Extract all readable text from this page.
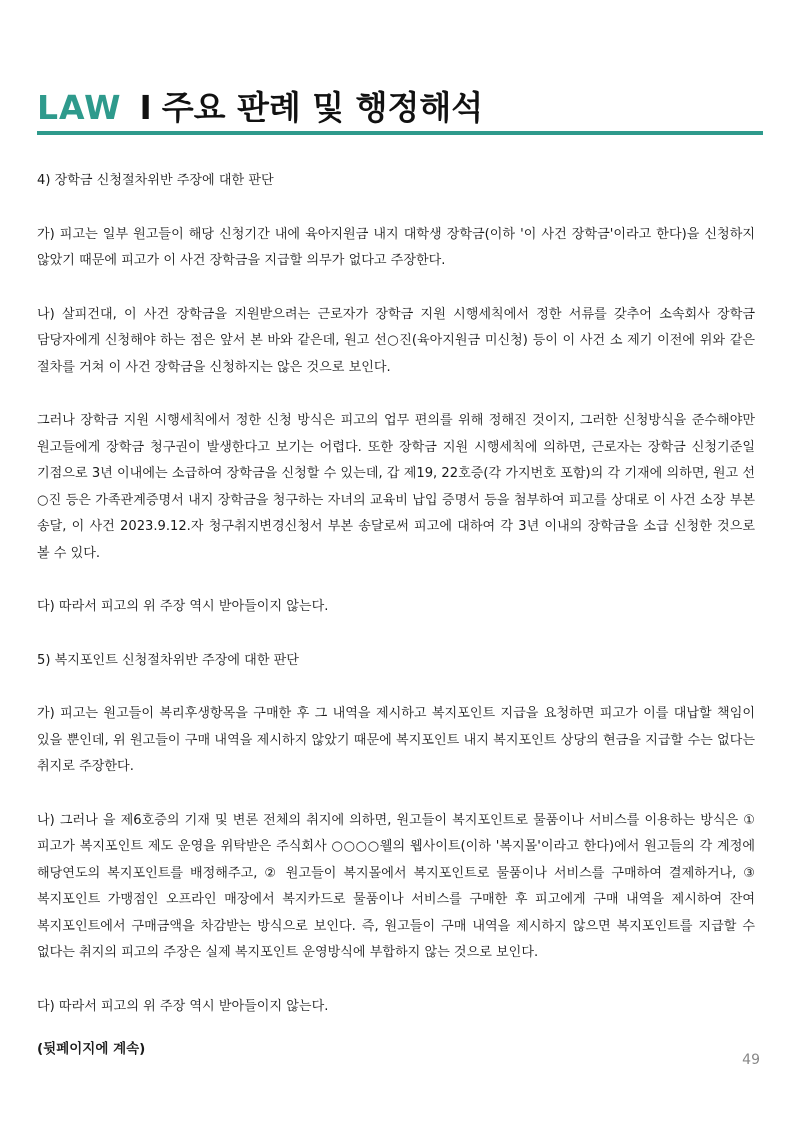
LAW I 주요 판례 및 행정해석

4) 장학금 신청절차위반 주장에 대한 판단

가) 피고는 일부 원고들이 해당 신청기간 내에 육아지원금 내지 대학생 장학금(이하 '이 사건 장학금'이라고 한다)을 신청하지 않았기 때문에 피고가 이 사건 장학금을 지급할 의무가 없다고 주장한다.

나) 살피건대, 이 사건 장학금을 지원받으려는 근로자가 장학금 지원 시행세칙에서 정한 서류를 갖추어 소속회사 장학금 담당자에게 신청해야 하는 점은 앞서 본 바와 같은데, 원고 선○진(육아지원금 미신청) 등이 이 사건 소 제기 이전에 위와 같은 절차를 거쳐 이 사건 장학금을 신청하지는 않은 것으로 보인다.

그러나 장학금 지원 시행세칙에서 정한 신청 방식은 피고의 업무 편의를 위해 정해진 것이지, 그러한 신청방식을 준수해야만 원고들에게 장학금 청구권이 발생한다고 보기는 어렵다. 또한 장학금 지원 시행세칙에 의하면, 근로자는 장학금 신청기준일 기점으로 3년 이내에는 소급하여 장학금을 신청할 수 있는데, 갑 제19, 22호증(각 가지번호 포함)의 각 기재에 의하면, 원고 선○진 등은 가족관계증명서 내지 장학금을 청구하는 자녀의 교육비 납입 증명서 등을 첨부하여 피고를 상대로 이 사건 소장 부본 송달, 이 사건 2023.9.12.자 청구취지변경신청서 부본 송달로써 피고에 대하여 각 3년 이내의 장학금을 소급 신청한 것으로 볼 수 있다.

다) 따라서 피고의 위 주장 역시 받아들이지 않는다.

5) 복지포인트 신청절차위반 주장에 대한 판단

가) 피고는 원고들이 복리후생항목을 구매한 후 그 내역을 제시하고 복지포인트 지급을 요청하면 피고가 이를 대납할 책임이 있을 뿐인데, 위 원고들이 구매 내역을 제시하지 않았기 때문에 복지포인트 내지 복지포인트 상당의 현금을 지급할 수는 없다는 취지로 주장한다.

나) 그러나 을 제6호증의 기재 및 변론 전체의 취지에 의하면, 원고들이 복지포인트로 물품이나 서비스를 이용하는 방식은 ① 피고가 복지포인트 제도 운영을 위탁받은 주식회사 ○○○○웰의 웹사이트(이하 '복지몰'이라고 한다)에서 원고들의 각 계정에 해당연도의 복지포인트를 배정해주고, ② 원고들이 복지몰에서 복지포인트로 물품이나 서비스를 구매하여 결제하거나, ③ 복지포인트 가맹점인 오프라인 매장에서 복지카드로 물품이나 서비스를 구매한 후 피고에게 구매 내역을 제시하여 잔여 복지포인트에서 구매금액을 차감받는 방식으로 보인다. 즉, 원고들이 구매 내역을 제시하지 않으면 복지포인트를 지급할 수 없다는 취지의 피고의 주장은 실제 복지포인트 운영방식에 부합하지 않는 것으로 보인다.

다) 따라서 피고의 위 주장 역시 받아들이지 않는다.

(뒷페이지에 계속)
49
